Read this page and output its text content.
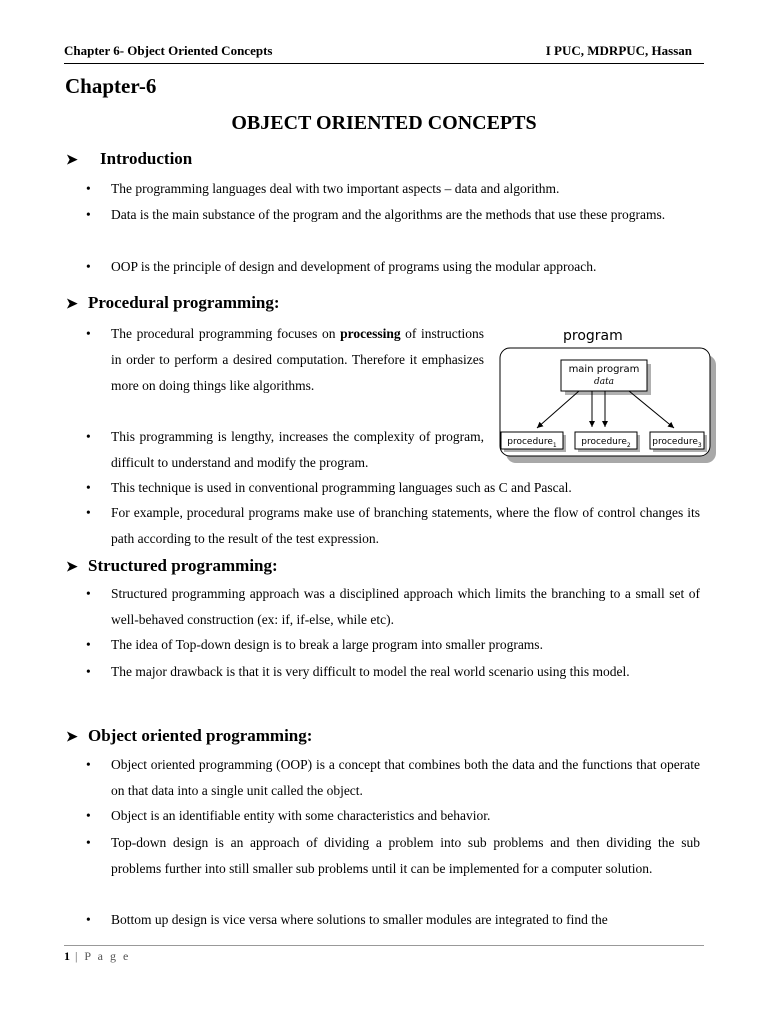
Chapter 6- Object Oriented Concepts	I PUC, MDRPUC, Hassan
Chapter-6
OBJECT ORIENTED CONCEPTS
➤ Introduction
• The programming languages deal with two important aspects – data and algorithm.
• Data is the main substance of the program and the algorithms are the methods that use these programs.
• OOP is the principle of design and development of programs using the modular approach.
➤ Procedural programming:
• The procedural programming focuses on processing of instructions in order to perform a desired computation. Therefore it emphasizes more on doing things like algorithms.
• This programming is lengthy, increases the complexity of program, difficult to understand and modify the program.
• This technique is used in conventional programming languages such as C and Pascal.
• For example, procedural programs make use of branching statements, where the flow of control changes its path according to the result of the test expression.
program
main program
data
procedure$_1$	procedure$_2$ procedure$_3$
➤ Structured programming:
• Structured programming approach was a disciplined approach which limits the branching to a small set of well-behaved construction (ex: if, if-else, while etc).
• The idea of Top-down design is to break a large program into smaller programs.
• The major drawback is that it is very difficult to model the real world scenario using this model.
➤ Object oriented programming:
• Object oriented programming (OOP) is a concept that combines both the data and the functions that operate on that data into a single unit called the object.
• Object is an identifiable entity with some characteristics and behavior.
• Top-down design is an approach of dividing a problem into sub problems and then dividing the sub problems further into still smaller sub problems until it can be implemented for a computer solution.
• Bottom up design is vice versa where solutions to smaller modules are integrated to find the
1 | P a g e
